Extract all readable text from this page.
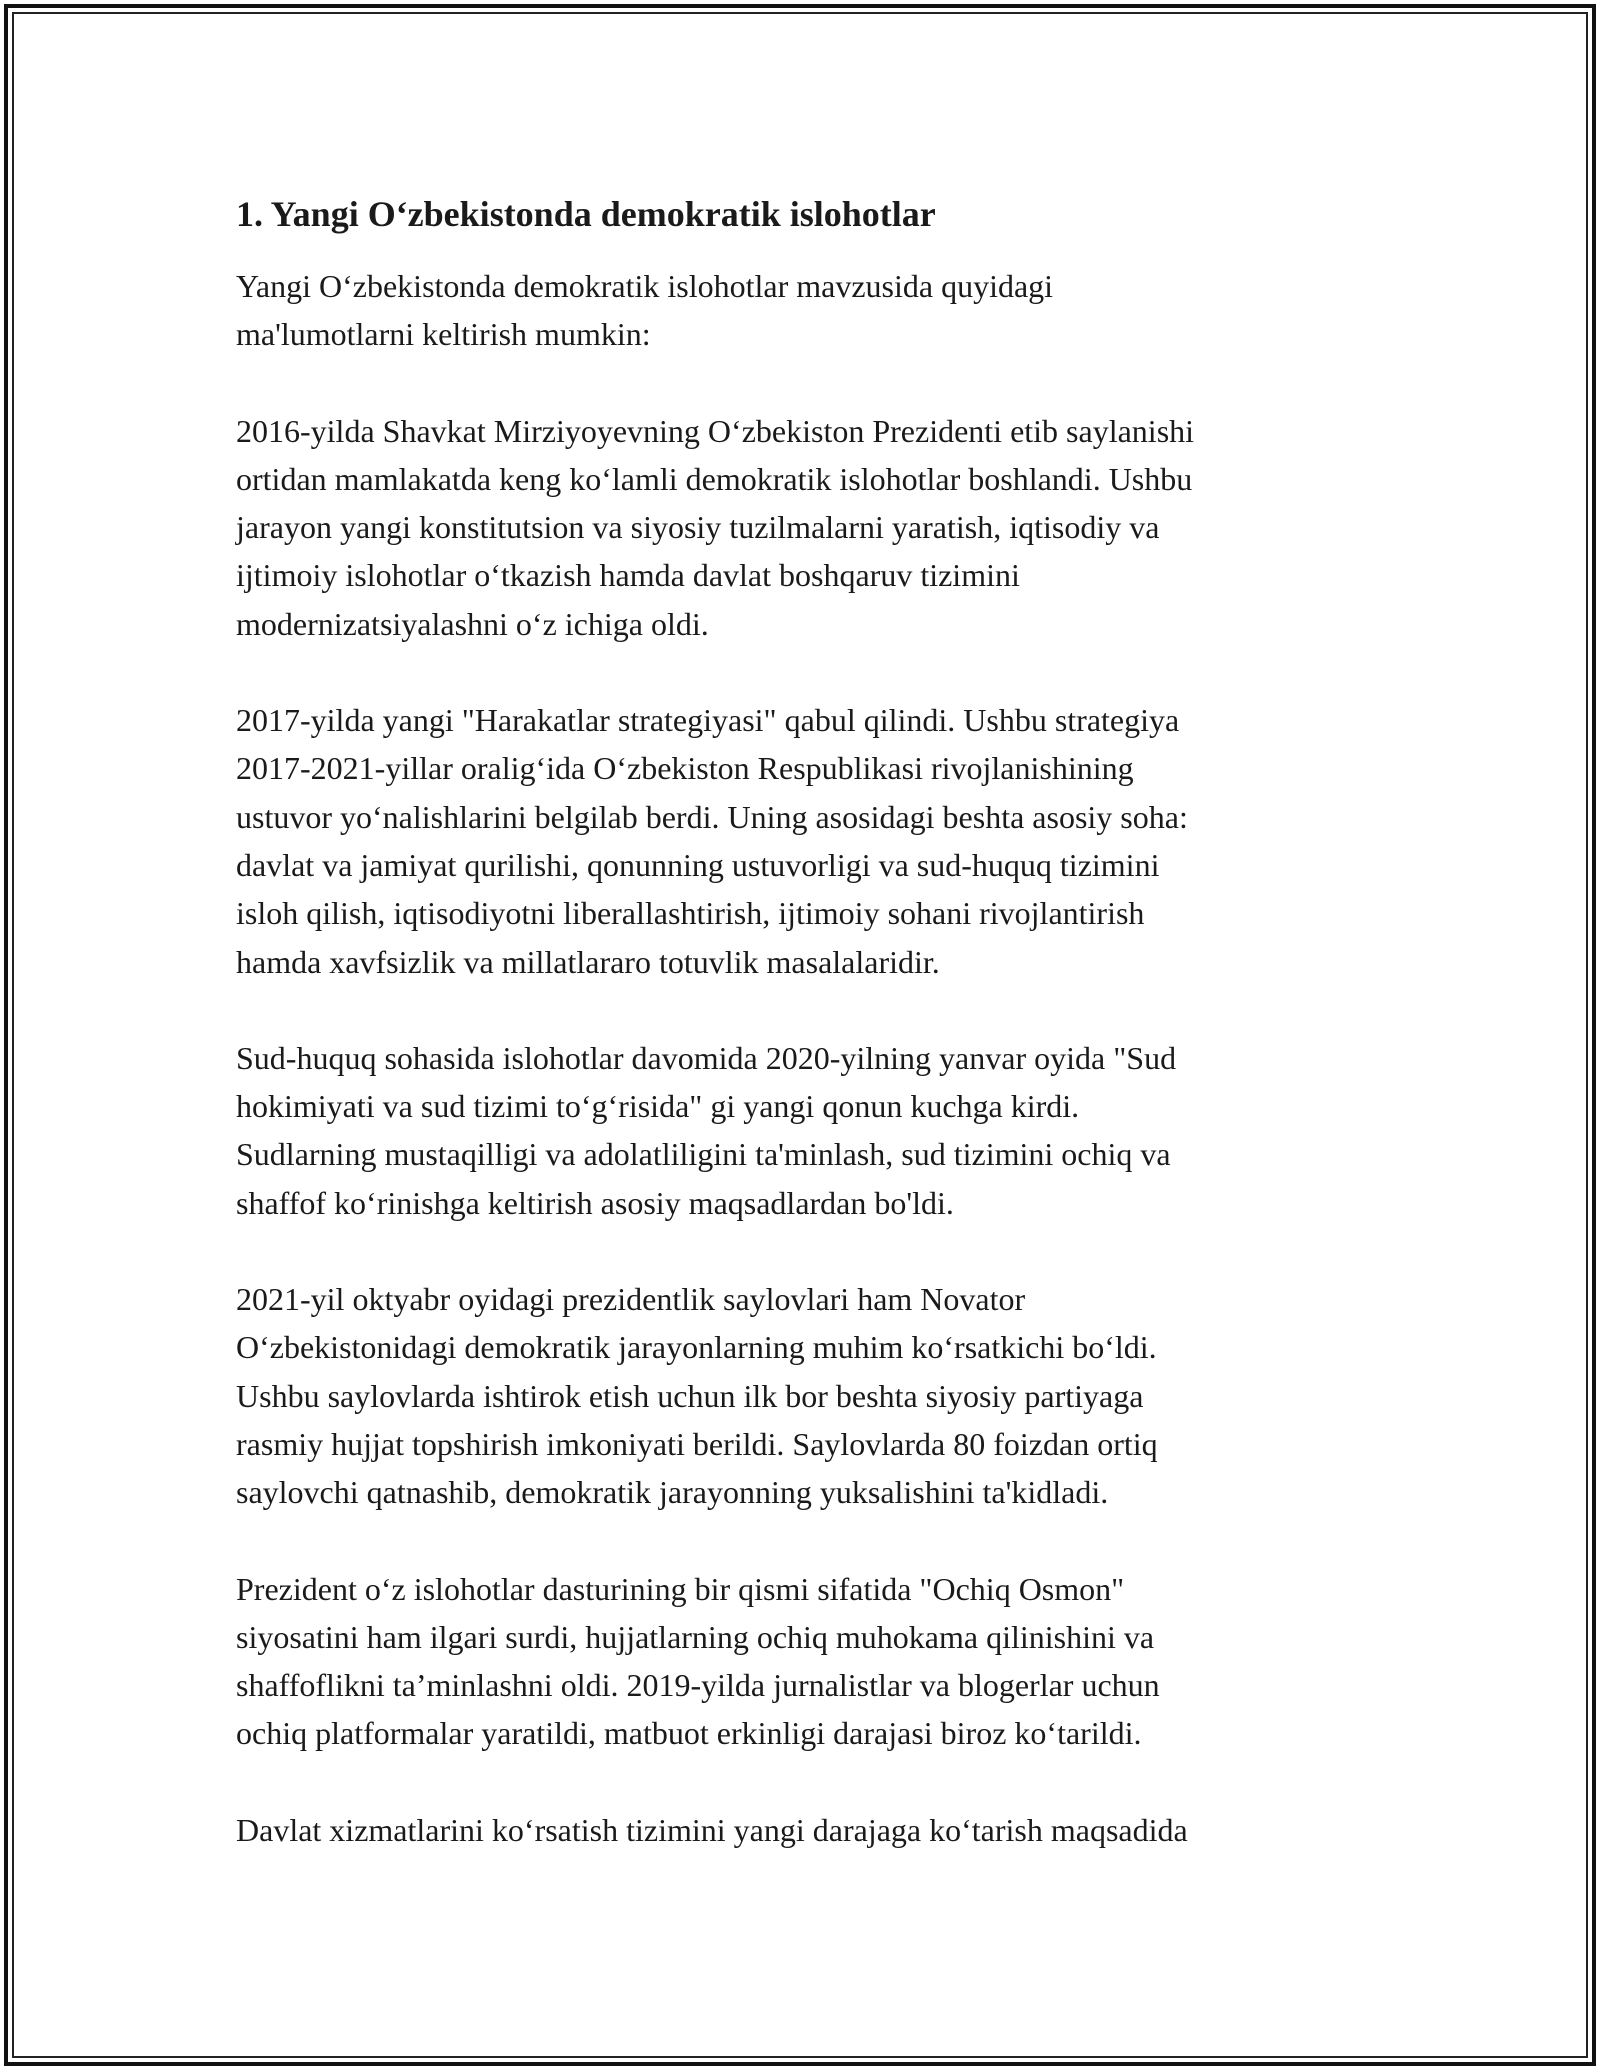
1. Yangi O‘zbekistonda demokratik islohotlar

Yangi O‘zbekistonda demokratik islohotlar mavzusida quyidagi
ma'lumotlarni keltirish mumkin:

2016-yilda Shavkat Mirziyoyevning O‘zbekiston Prezidenti etib saylanishi
ortidan mamlakatda keng ko‘lamli demokratik islohotlar boshlandi. Ushbu
jarayon yangi konstitutsion va siyosiy tuzilmalarni yaratish, iqtisodiy va
ijtimoiy islohotlar o‘tkazish hamda davlat boshqaruv tizimini
modernizatsiyalashni o‘z ichiga oldi.

2017-yilda yangi "Harakatlar strategiyasi" qabul qilindi. Ushbu strategiya
2017-2021-yillar oralig‘ida O‘zbekiston Respublikasi rivojlanishining
ustuvor yo‘nalishlarini belgilab berdi. Uning asosidagi beshta asosiy soha:
davlat va jamiyat qurilishi, qonunning ustuvorligi va sud-huquq tizimini
isloh qilish, iqtisodiyotni liberallashtirish, ijtimoiy sohani rivojlantirish
hamda xavfsizlik va millatlararo totuvlik masalalaridir.

Sud-huquq sohasida islohotlar davomida 2020-yilning yanvar oyida "Sud
hokimiyati va sud tizimi to‘g‘risida" gi yangi qonun kuchga kirdi.
Sudlarning mustaqilligi va adolatliligini ta'minlash, sud tizimini ochiq va
shaffof ko‘rinishga keltirish asosiy maqsadlardan bo'ldi.

2021-yil oktyabr oyidagi prezidentlik saylovlari ham Novator
O‘zbekistonidagi demokratik jarayonlarning muhim ko‘rsatkichi bo‘ldi.
Ushbu saylovlarda ishtirok etish uchun ilk bor beshta siyosiy partiyaga
rasmiy hujjat topshirish imkoniyati berildi. Saylovlarda 80 foizdan ortiq
saylovchi qatnashib, demokratik jarayonning yuksalishini ta'kidladi.

Prezident o‘z islohotlar dasturining bir qismi sifatida "Ochiq Osmon"
siyosatini ham ilgari surdi, hujjatlarning ochiq muhokama qilinishini va
shaffoflikni ta’minlashni oldi. 2019-yilda jurnalistlar va blogerlar uchun
ochiq platformalar yaratildi, matbuot erkinligi darajasi biroz ko‘tarildi.

Davlat xizmatlarini ko‘rsatish tizimini yangi darajaga ko‘tarish maqsadida
